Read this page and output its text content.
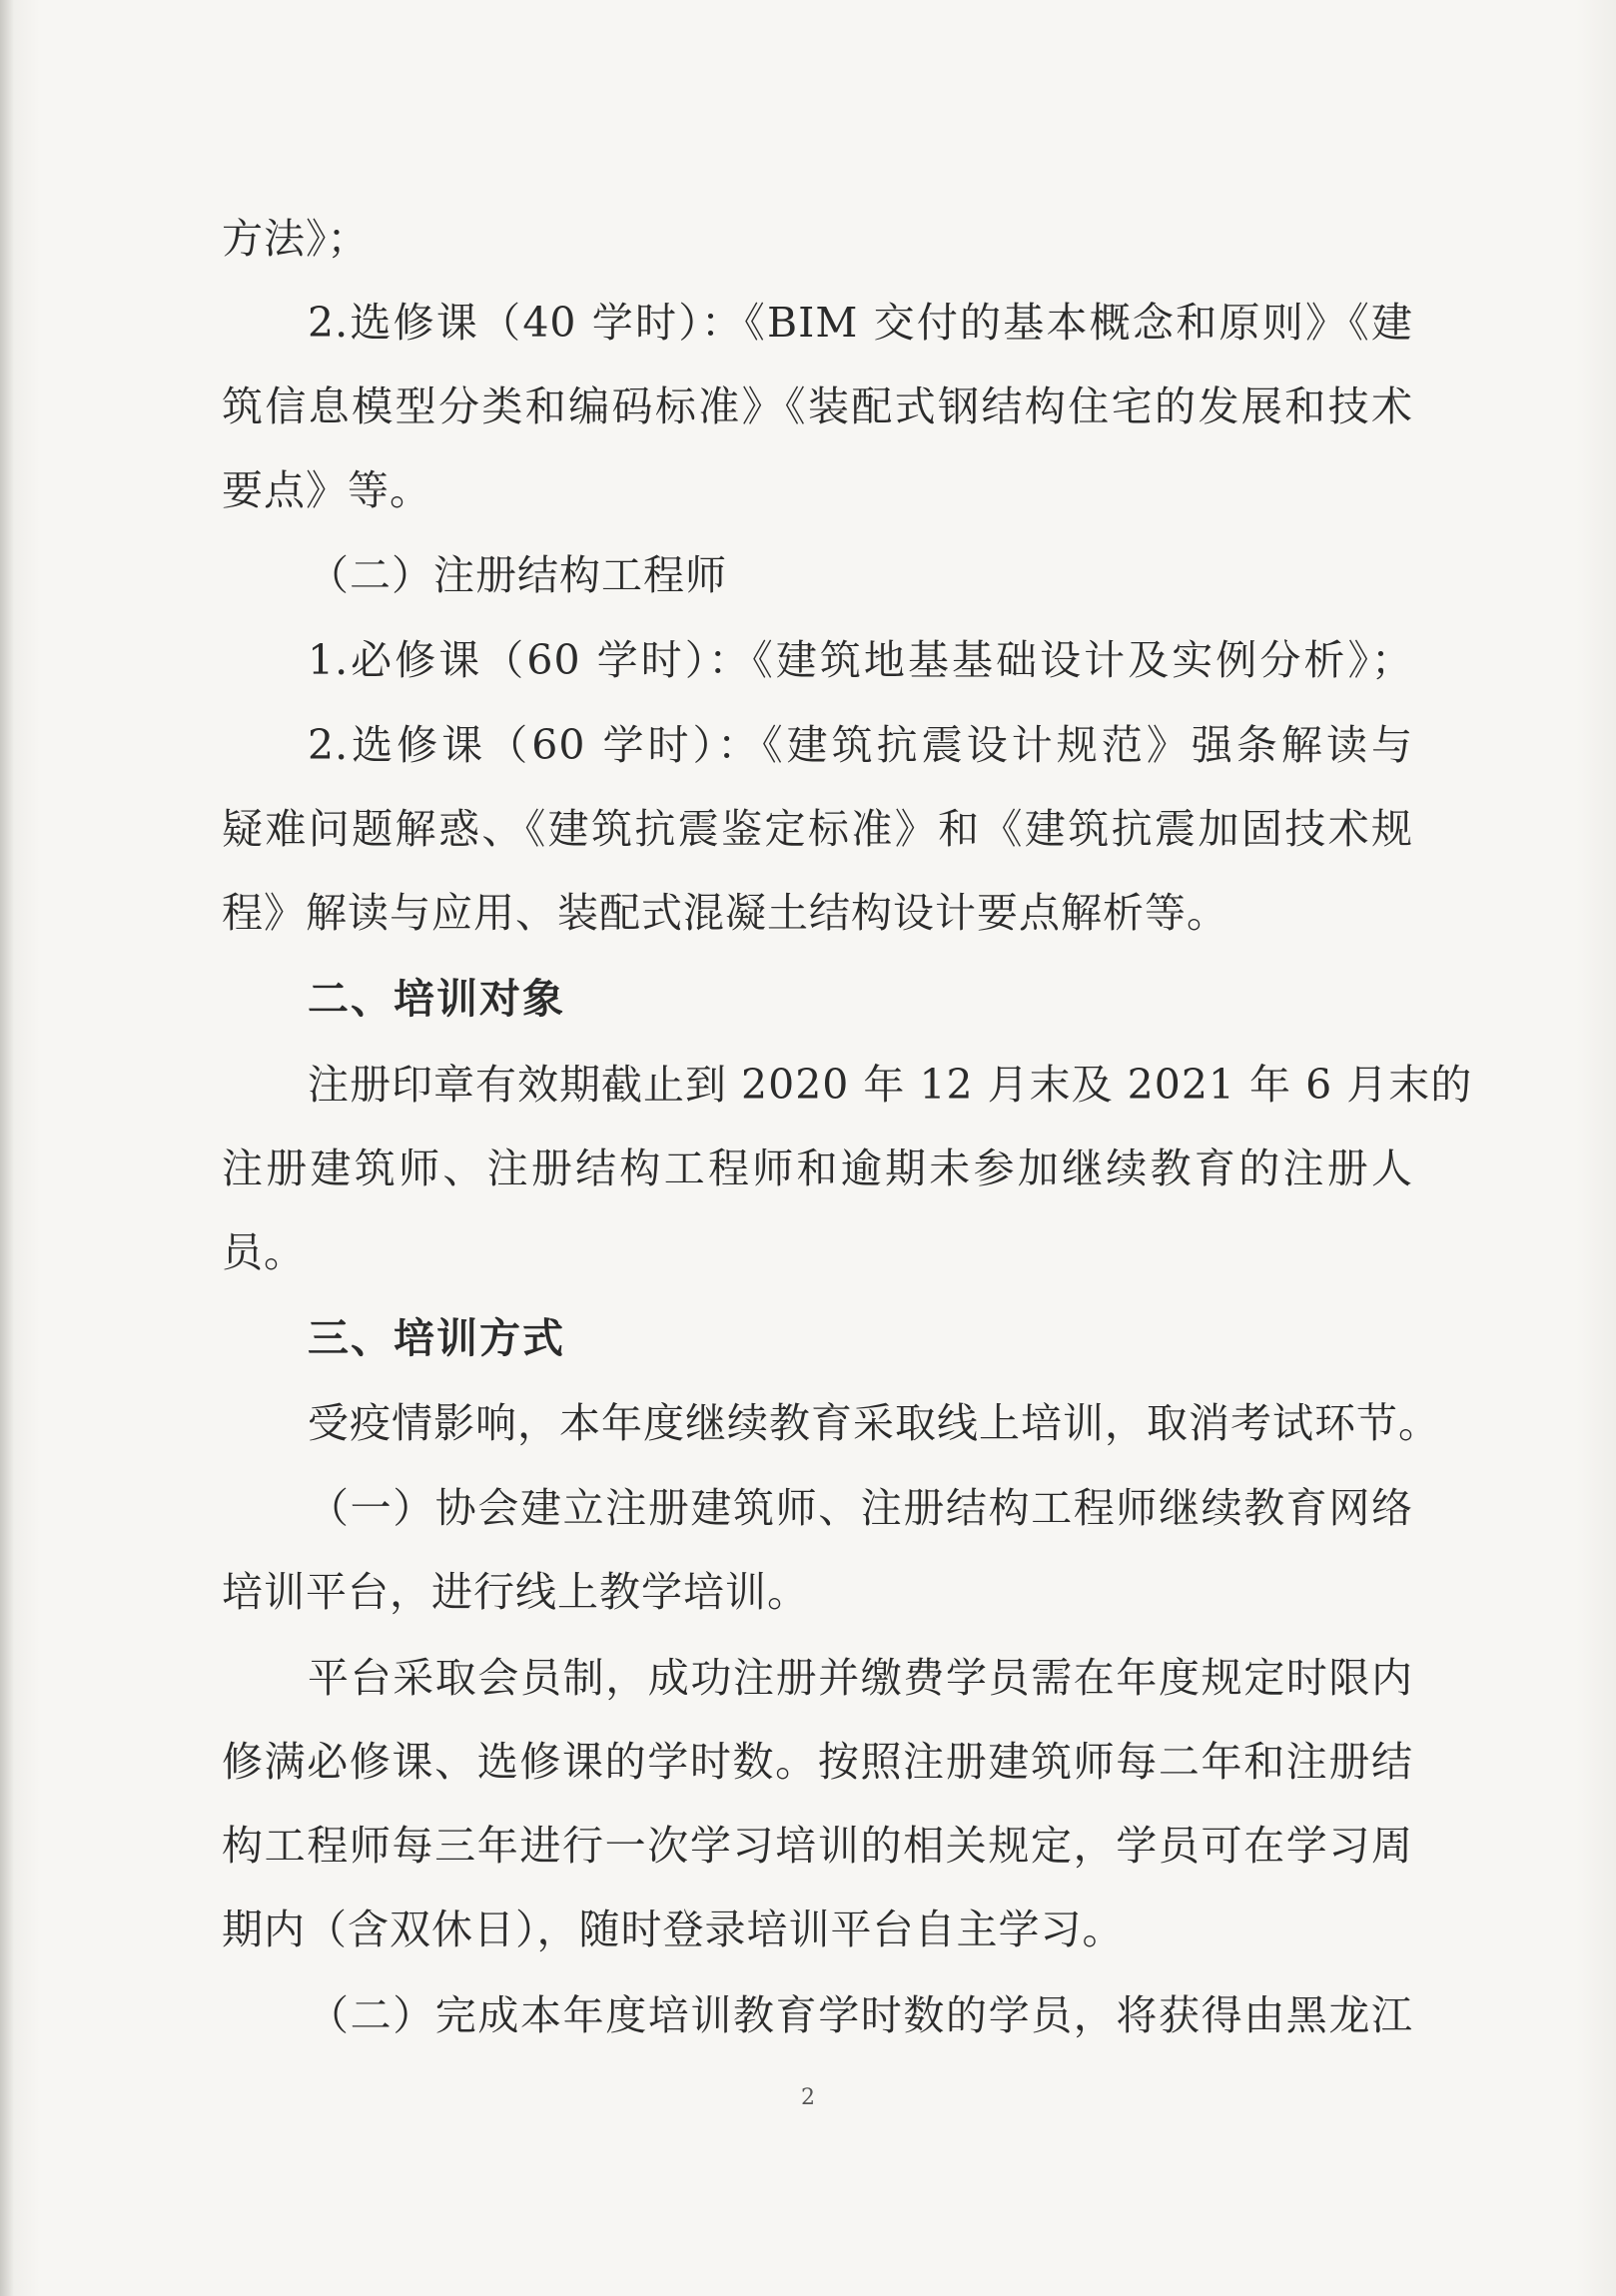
方法》；
2.选修课（40 学时）：《BIM 交付的基本概念和原则》《建
筑信息模型分类和编码标准》《装配式钢结构住宅的发展和技术
要点》等。
（二）注册结构工程师
1.必修课（60 学时）：《建筑地基基础设计及实例分析》；
2.选修课（60 学时）：《建筑抗震设计规范》强条解读与
疑难问题解惑、《建筑抗震鉴定标准》和《建筑抗震加固技术规
程》解读与应用、装配式混凝土结构设计要点解析等。
二、培训对象
注册印章有效期截止到 2020 年 12 月末及 2021 年 6 月末的
注册建筑师、注册结构工程师和逾期未参加继续教育的注册人
员。
三、培训方式
受疫情影响，本年度继续教育采取线上培训，取消考试环节。
（一）协会建立注册建筑师、注册结构工程师继续教育网络
培训平台，进行线上教学培训。
平台采取会员制，成功注册并缴费学员需在年度规定时限内
修满必修课、选修课的学时数。按照注册建筑师每二年和注册结
构工程师每三年进行一次学习培训的相关规定，学员可在学习周
期内（含双休日），随时登录培训平台自主学习。
（二）完成本年度培训教育学时数的学员，将获得由黑龙江
2
